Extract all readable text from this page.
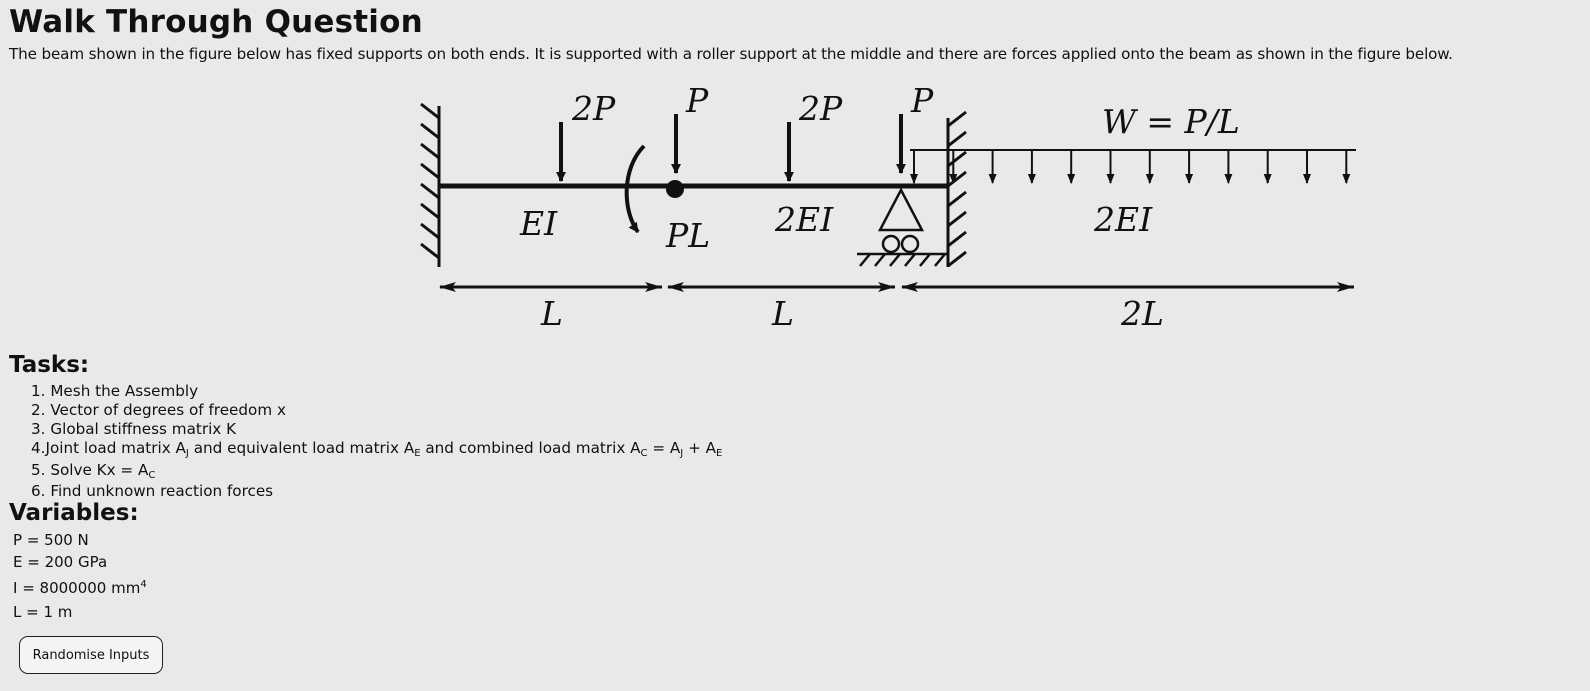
Walk Through Question

The beam shown in the figure below has fixed supports on both ends. It is supported with a roller support at the middle and there are forces applied onto the beam as shown in the figure below.

2P P	2P P
W = P/L
PL
EI	2EI	2EI
L	L	2L
Tasks:
1. Mesh the Assembly
2. Vector of degrees of freedom x
3. Global stiffness matrix K
4.Joint load matrix $A_J$ and equivalent load matrix $A_E$ and combined load matrix $A_C = A_J + A_E$
5. Solve $Kx = A_C$
6. Find unknown reaction forces
Variables:
P = 500 N
E = 200 GPa
I = 8000000 $mm^4$
L = 1 m
Randomise Inputs
